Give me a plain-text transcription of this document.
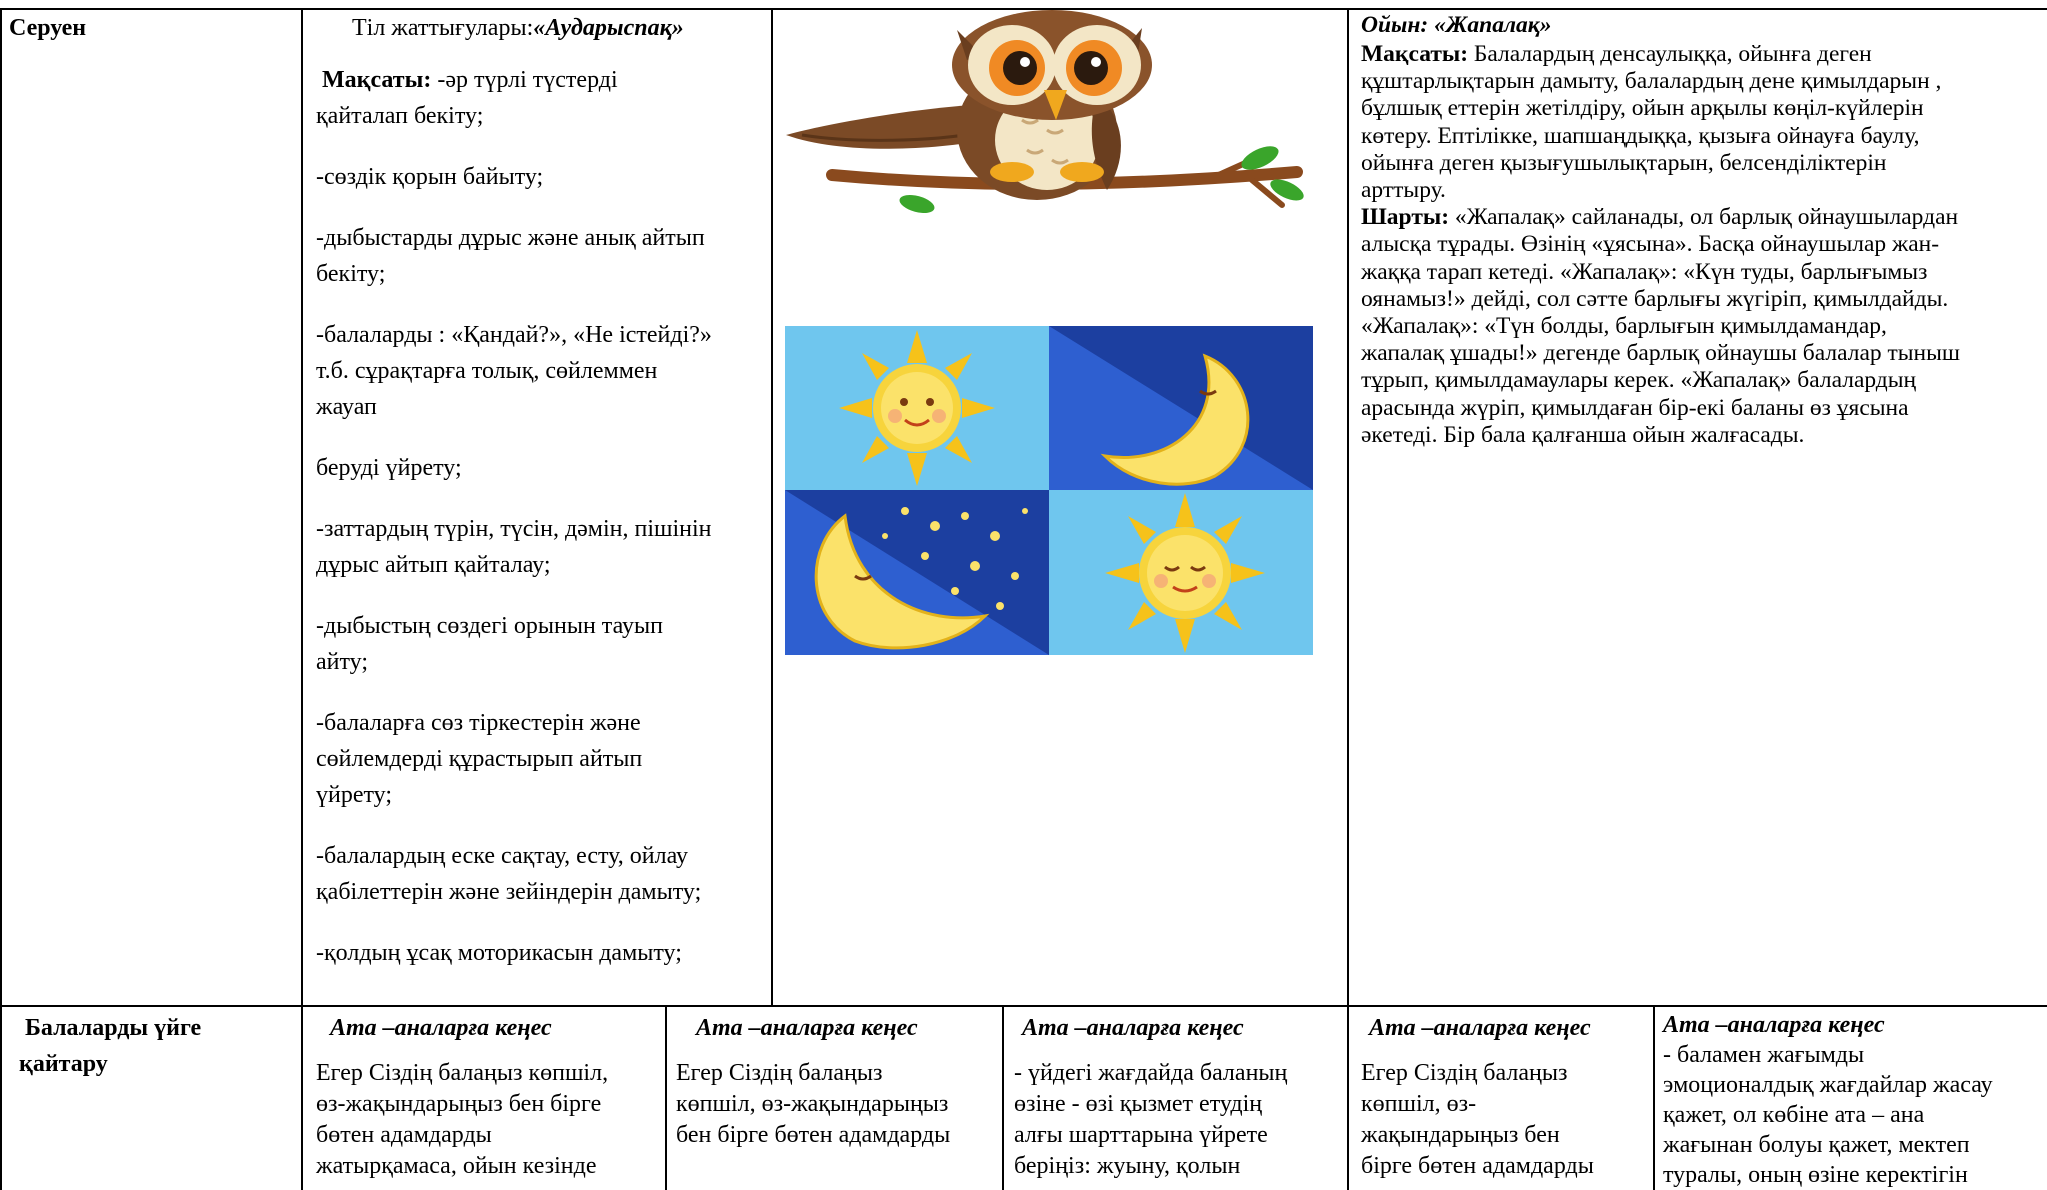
Серуен	Тіл жаттығулары:«Аударыспақ»

Мақсаты: -әр түрлі түстерді

қайталап бекіту;

-сөздік қорын байыту;

-дыбыстарды дұрыс және анық айтып

бекіту;

-балаларды : «Қандай?», «Не істейді?»

т.б. сұрақтарға толық, сөйлеммен

жауап

беруді үйрету;

-заттардың түрін, түсін, дәмін, пішінін

дұрыс айтып қайталау;

-дыбыстың сөздегі орынын тауып

айту;

-балаларға сөз тіркестерін және

сөйлемдерді құрастырып айтып

үйрету;

-балалардың еске сақтау, есту, ойлау

қабілеттерін және зейіндерін дамыту;

-қолдың ұсақ моторикасын дамыту;

Ойын: «Жапалақ»

Мақсаты: Балалардың денсаулыққа, ойынға деген

құштарлықтарын дамыту, балалардың дене қимылдарын ,

бұлшық еттерін жетілдіру, ойын арқылы көңіл-күйлерін

көтеру. Ептілікке, шапшаңдыққа, қызыға ойнауға баулу,

ойынға деген қызығушылықтарын, белсенділіктерін

арттыру.

Шарты: «Жапалақ» сайланады, ол барлық ойнаушылардан

алысқа тұрады. Өзінің «ұясына». Басқа ойнаушылар жан-

жаққа тарап кетеді. «Жапалақ»: «Күн туды, барлығымыз

оянамыз!» дейді, сол сәтте барлығы жүгіріп, қимылдайды.

«Жапалақ»: «Түн болды, барлығын қимылдамандар,

жапалақ ұшады!» дегенде барлық ойнаушы балалар тыныш

тұрып, қимылдамаулары керек. «Жапалақ» балалардың

арасында жүріп, қимылдаған бір-екі баланы өз ұясына

әкетеді. Бір бала қалғанша ойын жалғасады.

Балаларды үйге

қайтару

Ата –аналарға кеңес

Егер Сіздің балаңыз көпшіл,

өз-жақындарыңыз бен бірге

бөтен адамдарды

жатырқамаса, ойын кезінде

Ата –аналарға кеңес

Егер Сіздің балаңыз

көпшіл, өз-жақындарыңыз

бен бірге бөтен адамдарды

Ата –аналарға кеңес

- үйдегі жағдайда баланың

өзіне - өзі қызмет етудің

алғы шарттарына үйрете

беріңіз: жуыну, қолын

Ата –аналарға кеңес

Егер Сіздің балаңыз

көпшіл, өз-

жақындарыңыз бен

бірге бөтен адамдарды

Ата –аналарға кеңес

- баламен жағымды

эмоционалдық жағдайлар жасау

қажет, ол көбіне ата – ана

жағынан болуы қажет, мектеп

туралы, оның өзіне керектігін
